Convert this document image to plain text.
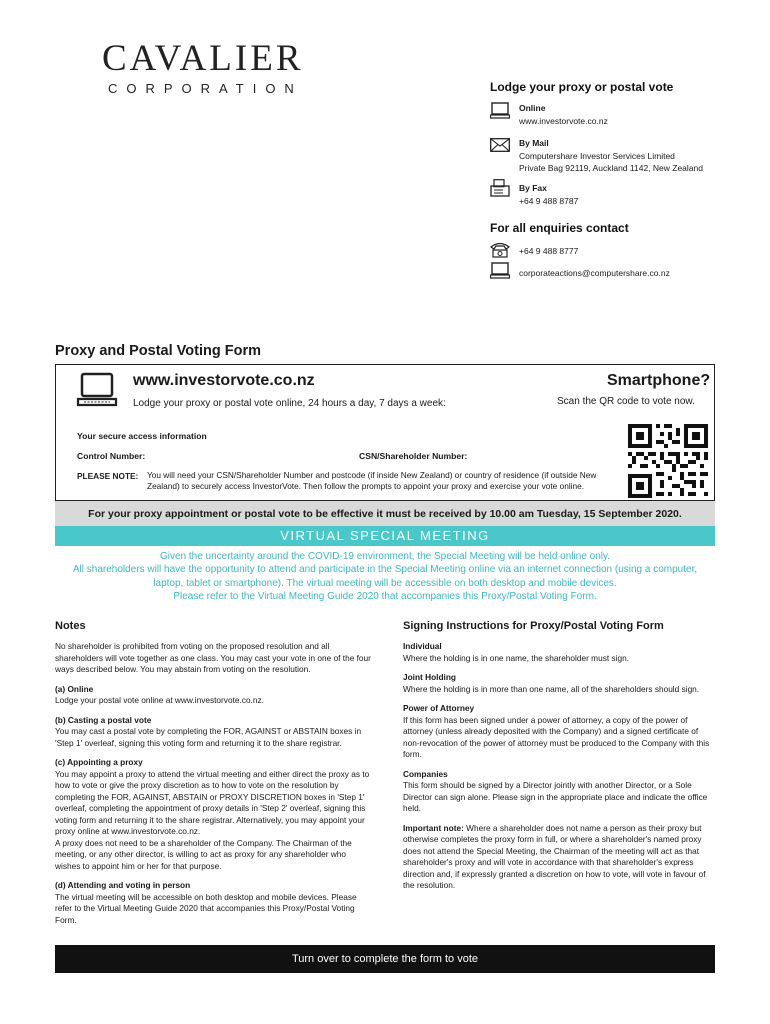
CAVALIER
CORPORATION	Lodge your proxy or postal vote
Online
www.investorvote.co.nz
By Mail
Computershare Investor Services Limited
Private Bag 92119, Auckland 1142, New Zealand
By Fax
+64 9 488 8787
For all enquiries contact
+64 9 488 8777
corporateactions@computershare.co.nz
Proxy and Postal Voting Form
www.investorvote.co.nz
Lodge your proxy or postal vote online, 24 hours a day, 7 days a week:
Smartphone?
Scan the QR code to vote now.
Your secure access information
Control Number:	CSN/Shareholder Number:
PLEASE NOTE: You will need your CSN/Shareholder Number and postcode (if inside New Zealand) or country of residence (if outside New Zealand) to securely access InvestorVote. Then follow the prompts to appoint your proxy and exercise your vote online.
For your proxy appointment or postal vote to be effective it must be received by 10.00 am Tuesday, 15 September 2020.
VIRTUAL SPECIAL MEETING
Given the uncertainty around the COVID-19 environment, the Special Meeting will be held online only.
All shareholders will have the opportunity to attend and participate in the Special Meeting online via an internet connection (using a computer,
laptop, tablet or smartphone). The virtual meeting will be accessible on both desktop and mobile devices.
Please refer to the Virtual Meeting Guide 2020 that accompanies this Proxy/Postal Voting Form.
Notes
No shareholder is prohibited from voting on the proposed resolution and all shareholders will vote together as one class. You may cast your vote in one of the four ways described below. You may abstain from voting on the resolution.
(a) Online
Lodge your postal vote online at www.investorvote.co.nz.
(b) Casting a postal vote
You may cast a postal vote by completing the FOR, AGAINST or ABSTAIN boxes in 'Step 1' overleaf, signing this voting form and returning it to the share registrar.
(c) Appointing a proxy
You may appoint a proxy to attend the virtual meeting and either direct the proxy as to how to vote or give the proxy discretion as to how to vote on the resolution by completing the FOR, AGAINST, ABSTAIN or PROXY DISCRETION boxes in 'Step 1' overleaf, completing the appointment of proxy details in 'Step 2' overleaf, signing this voting form and returning it to the share registrar. Alternatively, you may appoint your proxy online at www.investorvote.co.nz.
A proxy does not need to be a shareholder of the Company. The Chairman of the meeting, or any other director, is willing to act as proxy for any shareholder who wishes to appoint him or her for that purpose.
(d) Attending and voting in person
The virtual meeting will be accessible on both desktop and mobile devices. Please refer to the Virtual Meeting Guide 2020 that accompanies this Proxy/Postal Voting Form.
Signing Instructions for Proxy/Postal Voting Form
Individual
Where the holding is in one name, the shareholder must sign.
Joint Holding
Where the holding is in more than one name, all of the shareholders should sign.
Power of Attorney
If this form has been signed under a power of attorney, a copy of the power of attorney (unless already deposited with the Company) and a signed certificate of non-revocation of the power of attorney must be produced to the Company with this form.
Companies
This form should be signed by a Director jointly with another Director, or a Sole Director can sign alone. Please sign in the appropriate place and indicate the office held.
Important note: Where a shareholder does not name a person as their proxy but otherwise completes the proxy form in full, or where a shareholder's named proxy does not attend the Special Meeting, the Chairman of the meeting will act as that shareholder's proxy and will vote in accordance with that shareholder's express direction and, if expressly granted a discretion on how to vote, will vote in favour of the resolution.
Turn over to complete the form to vote
